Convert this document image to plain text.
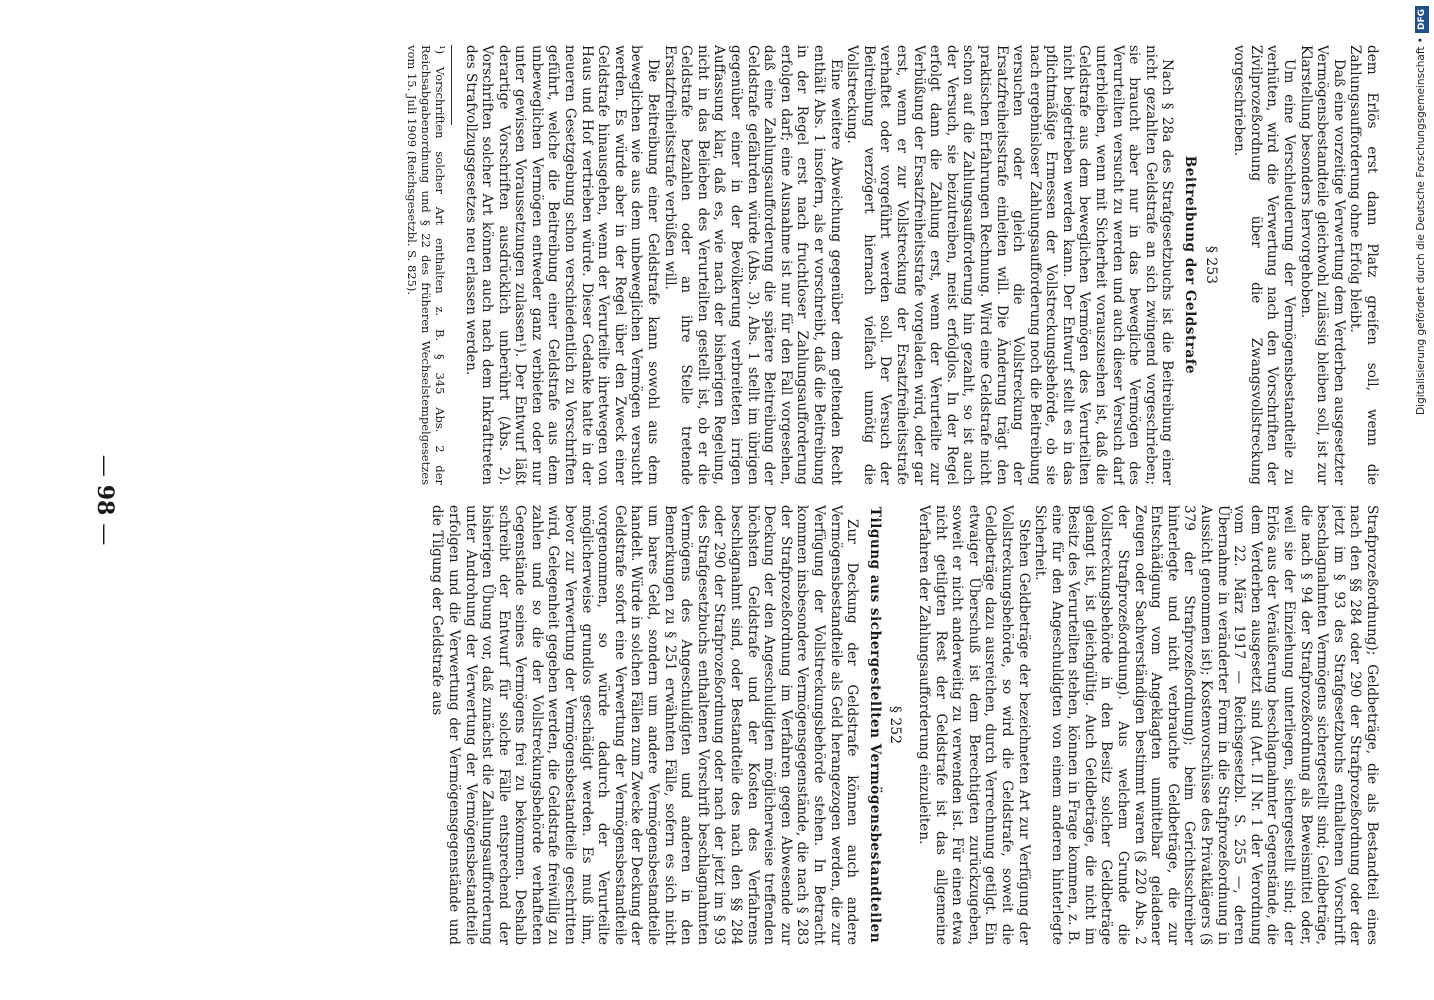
Strafprozeßordnung); Geldbeträge, die als Bestandteil eines nach den §§ 284 oder 290 der Strafprozeßordnung oder der jetzt im § 93 des Strafgesetzbuchs enthaltenen Vorschrift beschlagnahmten Vermögens sichergestellt sind; Geldbeträge, die nach § 94 der Strafprozeßordnung als Beweismittel oder, weil sie der Einziehung unterliegen, sichergestellt sind; der Erlös aus der Veräußerung beschlagnahmter Gegenstände, die dem Verderben ausgesetzt sind (Art. II Nr. 1 der Verordnung vom 22. März 1917 — Reichsgesetzbl. S. 255 —, deren Übernahme in veränderter Form in die Strafprozeßordnung in Aussicht genommen ist); Kostenvorschüsse des Privatklägers (§ 379 der Strafprozeßordnung); beim Gerichtsschreiber hinterlegte und nicht verbrauchte Geldbeträge, die zur Entschädigung vom Angeklagten unmittelbar geladener Zeugen oder Sachverständigen bestimmt waren (§ 220 Abs. 2 der Strafprozeßordnung). Aus welchem Grunde die Vollstreckungsbehörde in den Besitz solcher Geldbeträge gelangt ist, ist gleichgültig. Auch Geldbeträge, die nicht im Besitz des Verurteilten stehen, können in Frage kommen, z. B. eine für den Angeschuldigten von einem anderen hinterlegte Sicherheit.

Stehen Geldbeträge der bezeichneten Art zur Verfügung der Vollstreckungsbehörde, so wird die Geldstrafe, soweit die Geldbeträge dazu ausreichen, durch Verrechnung getilgt. Ein etwaiger Überschuß ist dem Berechtigten zurückzugeben, soweit er nicht anderweitig zu verwenden ist. Für einen etwa nicht getilgten Rest der Geldstrafe ist das allgemeine Verfahren der Zahlungsaufforderung einzuleiten.

§ 252
Tilgung aus sichergestellten Vermögensbestandteilen

Zur Deckung der Geldstrafe können auch andere Vermögensbestandteile als Geld herangezogen werden, die zur Verfügung der Vollstreckungsbehörde stehen. In Betracht kommen insbesondere Vermögensgegenstände, die nach § 283 der Strafprozeßordnung im Verfahren gegen Abwesende zur Deckung der den Angeschuldigten möglicherweise treffenden höchsten Geldstrafe und der Kosten des Verfahrens beschlagnahmt sind, oder Bestandteile des nach den §§ 284 oder 290 der Strafprozeßordnung oder nach der jetzt im § 93 des Strafgesetzbuchs enthaltenen Vorschrift beschlagnahmten Vermögens des Angeschuldigten und anderen in den Bemerkungen zu § 251 erwähnten Fälle, sofern es sich nicht um bares Geld, sondern um andere Vermögensbestandteile handelt. Würde in solchen Fällen zum Zwecke der Deckung der Geldstrafe sofort eine Verwertung der Vermögensbestandteile vorgenommen, so würde dadurch der Verurteilte möglicherweise grundlos geschädigt werden. Es muß ihm, bevor zur Verwertung der Vermögensbestandteile geschritten wird, Gelegenheit gegeben werden, die Geldstrafe freiwillig zu zahlen und so die der Vollstreckungsbehörde verhafteten Gegenstände seines Vermögens frei zu bekommen. Deshalb schreibt der Entwurf für solche Fälle entsprechend der bisherigen Übung vor, daß zunächst die Zahlungsaufforderung unter Androhung der Verwertung der Vermögensbestandteile erfolgen und die Verwertung der Vermögensgegenstände und die Tilgung der Geldstrafe aus

dem Erlös erst dann Platz greifen soll, wenn die Zahlungsaufforderung ohne Erfolg bleibt.

Daß eine vorzeitige Verwertung dem Verderben ausgesetzter Vermögensbestandteile gleichwohl zulässig bleiben soll, ist zur Klarstellung besonders hervorgehoben.

Um eine Verschleuderung der Vermögensbestandteile zu verhüten, wird die Verwertung nach den Vorschriften der Zivilprozeßordnung über die Zwangsvollstreckung vorgeschrieben.

§ 253
Beitreibung der Geldstrafe

Nach § 28a des Strafgesetzbuchs ist die Beitreibung einer nicht gezahlten Geldstrafe an sich zwingend vorgeschrieben; sie braucht aber nur in das bewegliche Vermögen des Verurteilten versucht zu werden und auch dieser Versuch darf unterbleiben, wenn mit Sicherheit vorauszusehen ist, daß die Geldstrafe aus dem beweglichen Vermögen des Verurteilten nicht beigetrieben werden kann. Der Entwurf stellt es in das pflichtmäßige Ermessen der Vollstreckungsbehörde, ob sie nach ergebnisloser Zahlungsaufforderung noch die Beitreibung versuchen oder gleich die Vollstreckung der Ersatzfreiheitsstrafe einleiten will. Die Änderung trägt den praktischen Erfahrungen Rechnung. Wird eine Geldstrafe nicht schon auf die Zahlungsaufforderung hin gezahlt, so ist auch der Versuch, sie beizutreiben, meist erfolglos. In der Regel erfolgt dann die Zahlung erst, wenn der Verurteilte zur Verbüßung der Ersatzfreiheitsstrafe vorgeladen wird, oder gar erst, wenn er zur Vollstreckung der Ersatzfreiheitsstrafe verhaftet oder vorgeführt werden soll. Der Versuch der Beitreibung verzögert hiernach vielfach unnötig die Vollstreckung.

Eine weitere Abweichung gegenüber dem geltenden Recht enthält Abs. 1 insofern, als er vorschreibt, daß die Beitreibung in der Regel erst nach fruchtloser Zahlungsaufforderung erfolgen darf; eine Ausnahme ist nur für den Fall vorgesehen, daß eine Zahlungsaufforderung die spätere Beitreibung der Geldstrafe gefährden würde (Abs. 3). Abs. 1 stellt im übrigen gegenüber einer in der Bevölkerung verbreiteten irrigen Auffassung klar, daß es, wie nach der bisherigen Regelung, nicht in das Belieben des Verurteilten gestellt ist, ob er die Geldstrafe bezahlen oder an ihre Stelle tretende Ersatzfreiheitsstrafe verbüßen will.

Die Beitreibung einer Geldstrafe kann sowohl aus dem beweglichen wie aus dem unbeweglichen Vermögen versucht werden. Es würde aber in der Regel über den Zweck einer Geldstrafe hinausgehen, wenn der Verurteilte ihretwegen von Haus und Hof vertrieben würde. Dieser Gedanke hatte in der neueren Gesetzgebung schon verschiedentlich zu Vorschriften geführt, welche die Beitreibung einer Geldstrafe aus dem unbeweglichen Vermögen entweder ganz verbieten oder nur unter gewissen Voraussetzungen zulassen¹). Der Entwurf läßt derartige Vorschriften ausdrücklich unberührt (Abs. 2). Vorschriften solcher Art können auch nach dem Inkrafttreten des Strafvollzugsgesetzes neu erlassen werden.

¹) Vorschriften solcher Art enthalten z. B. § 345 Abs. 2 der Reichsabgabenordnung und § 22 des früheren Wechselstempelgesetzes vom 15. Juli 1909 (Reichsgesetzbl. S. 825).
—98—
Digitalisierung gefördert durch die Deutsche Forschungsgemeinschaft •DFG
